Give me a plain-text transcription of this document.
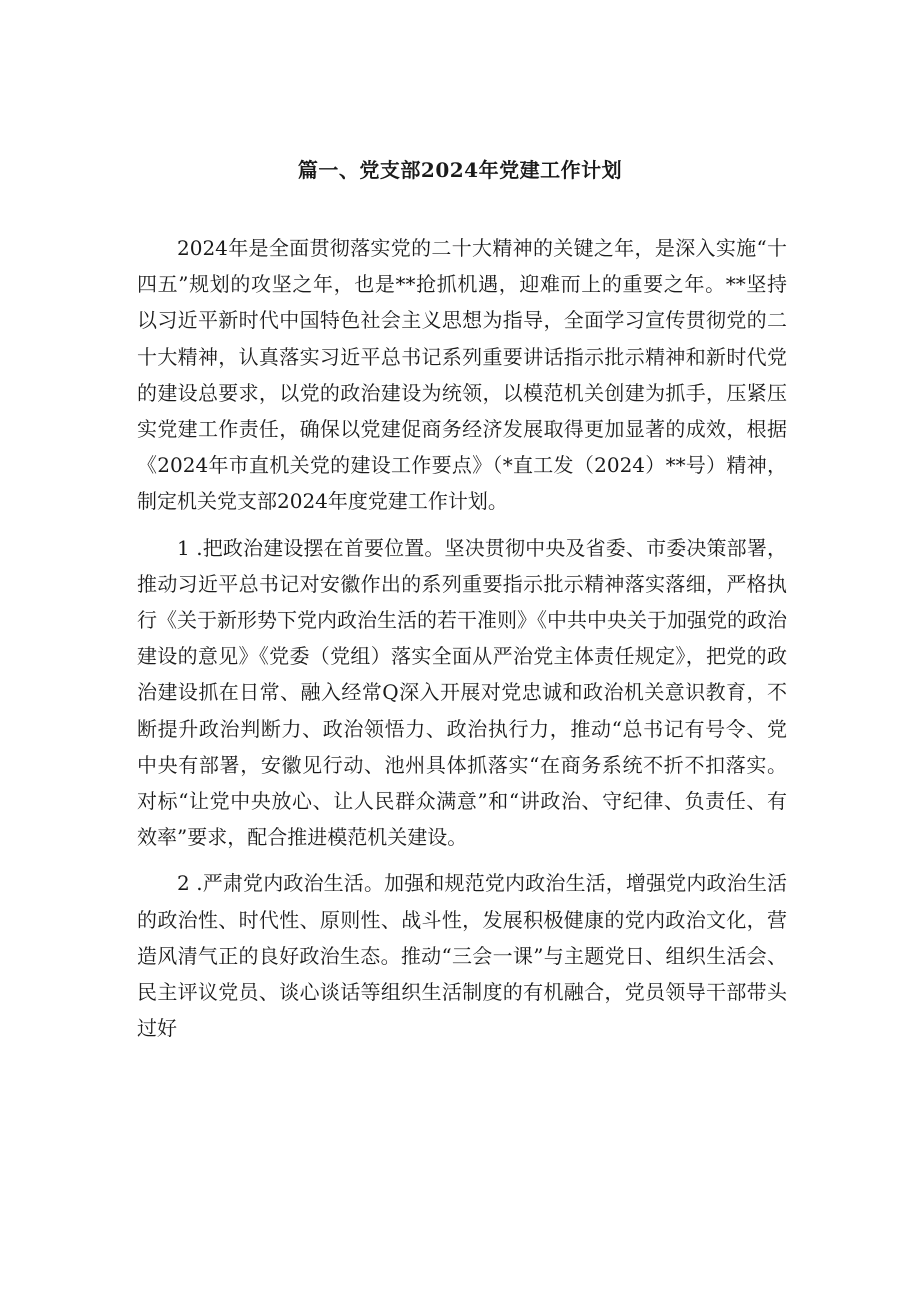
篇一、党支部2024年党建工作计划

2024年是全面贯彻落实党的二十大精神的关键之年，是深入实施“十四五”规划的攻坚之年，也是**抢抓机遇，迎难而上的重要之年。**坚持以习近平新时代中国特色社会主义思想为指导，全面学习宣传贯彻党的二十大精神，认真落实习近平总书记系列重要讲话指示批示精神和新时代党的建设总要求，以党的政治建设为统领，以模范机关创建为抓手，压紧压实党建工作责任，确保以党建促商务经济发展取得更加显著的成效，根据《2024年市直机关党的建设工作要点》（*直工发（2024）**号）精神，制定机关党支部2024年度党建工作计划。

1 .把政治建设摆在首要位置。坚决贯彻中央及省委、市委决策部署，推动习近平总书记对安徽作出的系列重要指示批示精神落实落细，严格执行《关于新形势下党内政治生活的若干准则》《中共中央关于加强党的政治建设的意见》《党委（党组）落实全面从严治党主体责任规定》，把党的政治建设抓在日常、融入经常Q深入开展对党忠诚和政治机关意识教育，不断提升政治判断力、政治领悟力、政治执行力，推动“总书记有号令、党中央有部署，安徽见行动、池州具体抓落实“在商务系统不折不扣落实。对标“让党中央放心、让人民群众满意”和“讲政治、守纪律、负责任、有效率”要求，配合推进模范机关建设。

2 .严肃党内政治生活。加强和规范党内政治生活，增强党内政治生活的政治性、时代性、原则性、战斗性，发展积极健康的党内政治文化，营造风清气正的良好政治生态。推动“三会一课”与主题党日、组织生活会、民主评议党员、谈心谈话等组织生活制度的有机融合，党员领导干部带头过好
